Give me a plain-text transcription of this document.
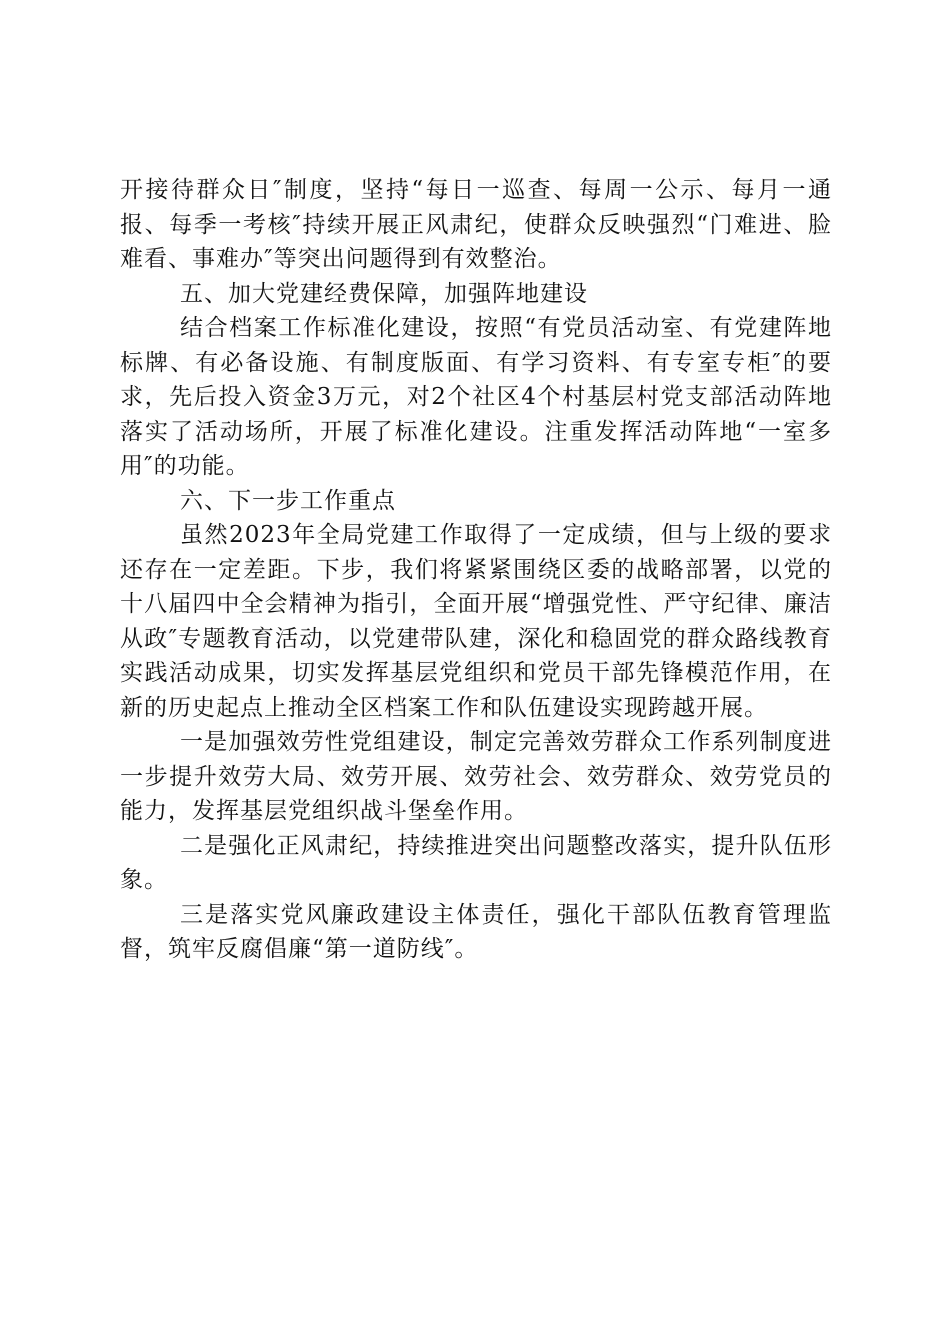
开接待群众日″制度，坚持“每日一巡查、每周一公示、每月一通报、每季一考核″持续开展正风肃纪，使群众反映强烈“门难进、脸难看、事难办″等突出问题得到有效整治。

五、加大党建经费保障，加强阵地建设

结合档案工作标准化建设，按照“有党员活动室、有党建阵地标牌、有必备设施、有制度版面、有学习资料、有专室专柜″的要求，先后投入资金3万元，对2个社区4个村基层村党支部活动阵地落实了活动场所，开展了标准化建设。注重发挥活动阵地“一室多用″的功能。

六、下一步工作重点

虽然2023年全局党建工作取得了一定成绩，但与上级的要求还存在一定差距。下步，我们将紧紧围绕区委的战略部署，以党的十八届四中全会精神为指引，全面开展“增强党性、严守纪律、廉洁从政″专题教育活动，以党建带队建，深化和稳固党的群众路线教育实践活动成果，切实发挥基层党组织和党员干部先锋模范作用，在新的历史起点上推动全区档案工作和队伍建设实现跨越开展。

一是加强效劳性党组建设，制定完善效劳群众工作系列制度进一步提升效劳大局、效劳开展、效劳社会、效劳群众、效劳党员的能力，发挥基层党组织战斗堡垒作用。

二是强化正风肃纪，持续推进突出问题整改落实，提升队伍形象。

三是落实党风廉政建设主体责任，强化干部队伍教育管理监督，筑牢反腐倡廉“第一道防线″。
